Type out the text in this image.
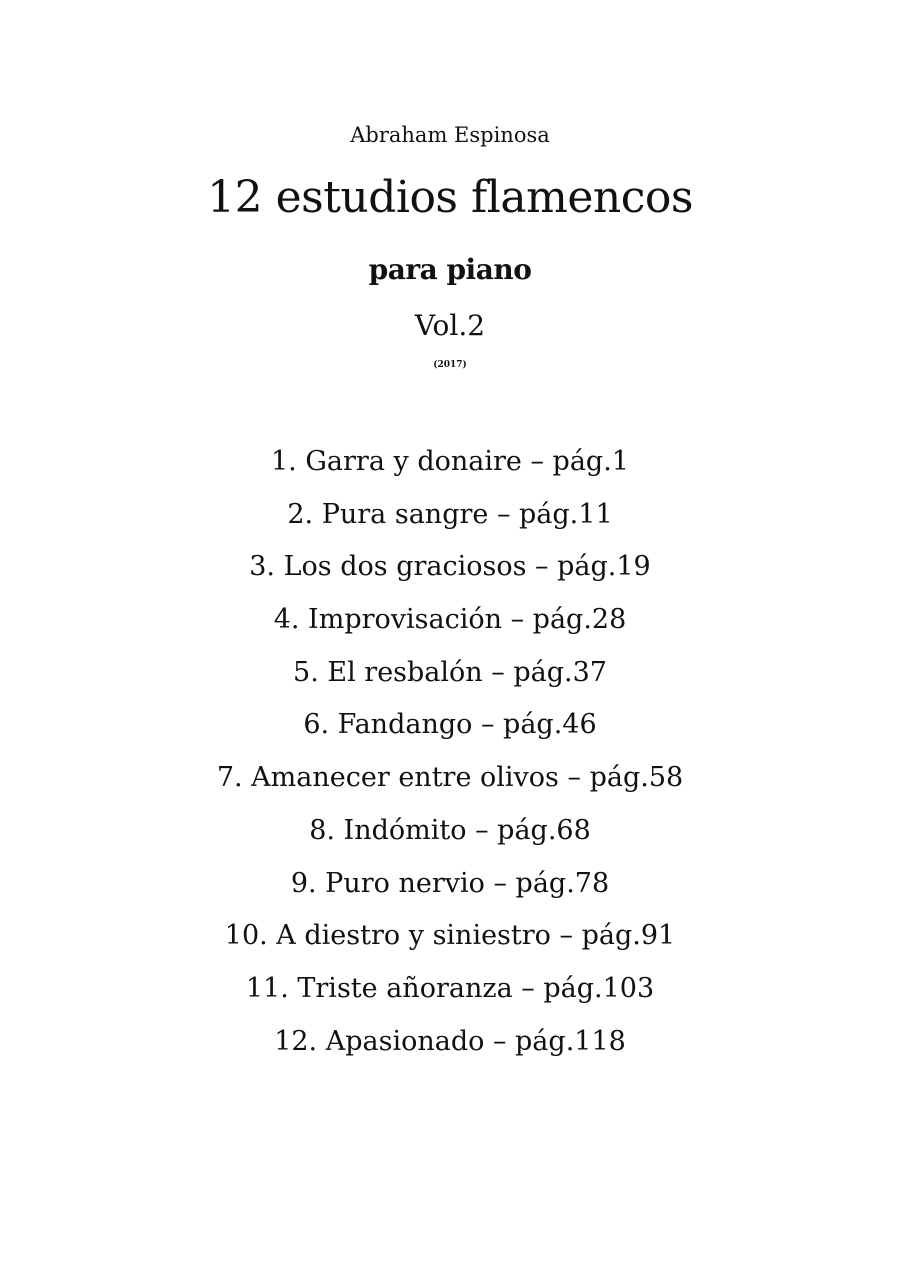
Abraham Espinosa
12 estudios flamencos
para piano
Vol.2
(2017)
1. Garra y donaire – pág.1
2. Pura sangre – pág.11
3. Los dos graciosos – pág.19
4. Improvisación – pág.28
5. El resbalón – pág.37
6. Fandango – pág.46
7. Amanecer entre olivos – pág.58
8. Indómito – pág.68
9. Puro nervio – pág.78
10. A diestro y siniestro – pág.91
11. Triste añoranza – pág.103
12. Apasionado – pág.118
